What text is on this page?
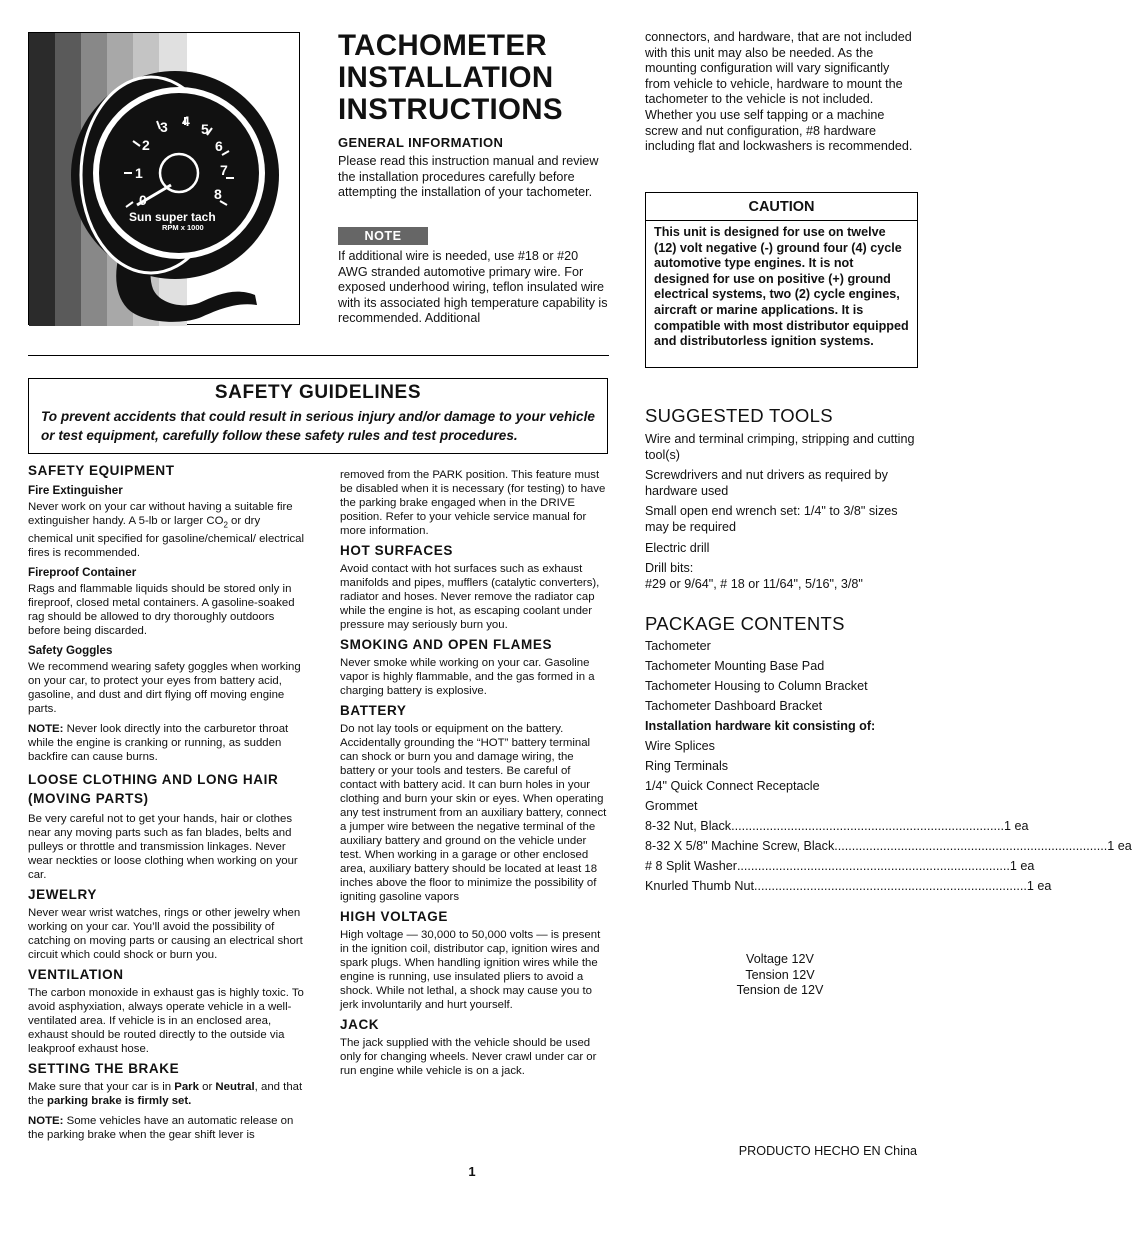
0
1
2
3 4 5
6
7
8
Sun super tach
RPM x 1000
TACHOMETER
INSTALLATION
INSTRUCTIONS
GENERAL INFORMATION
Please read this instruction manual and review the installation procedures carefully before attempting the installation of your tachometer.
NOTE
If additional wire is needed, use #18 or #20 AWG stranded automotive primary wire. For exposed underhood wiring, teflon insulated wire with its associated high temperature capability is recommended. Additional
SAFETY GUIDELINES
To prevent accidents that could result in serious injury and/or damage to your vehicle or test equipment, carefully follow these safety rules and test procedures.
SAFETY EQUIPMENT
Fire Extinguisher

Never work on your car without having a suitable fire extinguisher handy. A 5-lb or larger $CO_2$ or dry chemical unit specified for gasoline/chemical/ electrical fires is recommended.

Fireproof Container

Rags and flammable liquids should be stored only in fireproof, closed metal containers. A gasoline-soaked rag should be allowed to dry thoroughly outdoors before being discarded.

Safety Goggles

We recommend wearing safety goggles when working on your car, to protect your eyes from battery acid, gasoline, and dust and dirt flying off moving engine parts.

NOTE: Never look directly into the carburetor throat while the engine is cranking or running, as sudden backfire can cause burns.

LOOSE CLOTHING AND LONG HAIR (MOVING PARTS)

Be very careful not to get your hands, hair or clothes near any moving parts such as fan blades, belts and pulleys or throttle and transmission linkages. Never wear neckties or loose clothing when working on your car.

JEWELRY

Never wear wrist watches, rings or other jewelry when working on your car. You’ll avoid the possibility of catching on moving parts or causing an electrical short circuit which could shock or burn you.

VENTILATION

The carbon monoxide in exhaust gas is highly toxic. To avoid asphyxiation, always operate vehicle in a well-ventilated area. If vehicle is in an enclosed area, exhaust should be routed directly to the outside via leakproof exhaust hose.

SETTING THE BRAKE

Make sure that your car is in Park or Neutral, and that the parking brake is firmly set.

NOTE: Some vehicles have an automatic release on the parking brake when the gear shift lever is

removed from the PARK position. This feature must be disabled when it is necessary (for testing) to have the parking brake engaged when in the DRIVE position. Refer to your vehicle service manual for more information.

HOT SURFACES

Avoid contact with hot surfaces such as exhaust manifolds and pipes, mufflers (catalytic converters), radiator and hoses. Never remove the radiator cap while the engine is hot, as escaping coolant under pressure may seriously burn you.

SMOKING AND OPEN FLAMES

Never smoke while working on your car. Gasoline vapor is highly flammable, and the gas formed in a charging battery is explosive.

BATTERY

Do not lay tools or equipment on the battery. Accidentally grounding the “HOT” battery terminal can shock or burn you and damage wiring, the battery or your tools and testers. Be careful of contact with battery acid. It can burn holes in your clothing and burn your skin or eyes. When operating any test instrument from an auxiliary battery, connect a jumper wire between the negative terminal of the auxiliary battery and ground on the vehicle under test. When working in a garage or other enclosed area, auxiliary battery should be located at least 18 inches above the floor to minimize the possibility of igniting gasoline vapors

HIGH VOLTAGE

High voltage — 30,000 to 50,000 volts — is present in the ignition coil, distributor cap, ignition wires and spark plugs. When handling ignition wires while the engine is running, use insulated pliers to avoid a shock. While not lethal, a shock may cause you to jerk involuntarily and hurt yourself.

JACK

The jack supplied with the vehicle should be used only for changing wheels. Never crawl under car or run engine while vehicle is on a jack.

connectors, and hardware, that are not included with this unit may also be needed. As the mounting configuration will vary significantly from vehicle to vehicle, hardware to mount the tachometer to the vehicle is not included. Whether you use self tapping or a machine screw and nut configuration, #8 hardware including flat and lockwashers is recommended.
CAUTION
This unit is designed for use on twelve (12) volt negative (-) ground four (4) cycle automotive type engines. It is not designed for use on positive (+) ground electrical systems, two (2) cycle engines, aircraft or marine applications. It is compatible with most distributor equipped and distributorless ignition systems.
SUGGESTED TOOLS

Wire and terminal crimping, stripping and cutting tool(s)

Screwdrivers and nut drivers as required by hardware used

Small open end wrench set: 1/4" to 3/8" sizes may be required

Electric drill

Drill bits:
#29 or 9/64", # 18 or 11/64", 5/16", 3/8"
PACKAGE CONTENTS
Tachometer
Tachometer Mounting Base Pad
Tachometer Housing to Column Bracket
Tachometer Dashboard Bracket
Installation hardware kit consisting of:
Wire Splices
Ring Terminals
1/4" Quick Connect Receptacle
Grommet
8-32 Nut, Black .............................................................................. 1 ea
8-32 X 5/8" Machine Screw, Black .............................................................................. 1 ea
# 8 Split Washer .............................................................................. 1 ea
Knurled Thumb Nut .............................................................................. 1 ea
Voltage 12V
Tension 12V
Tension de 12V
PRODUCTO HECHO EN China
1
